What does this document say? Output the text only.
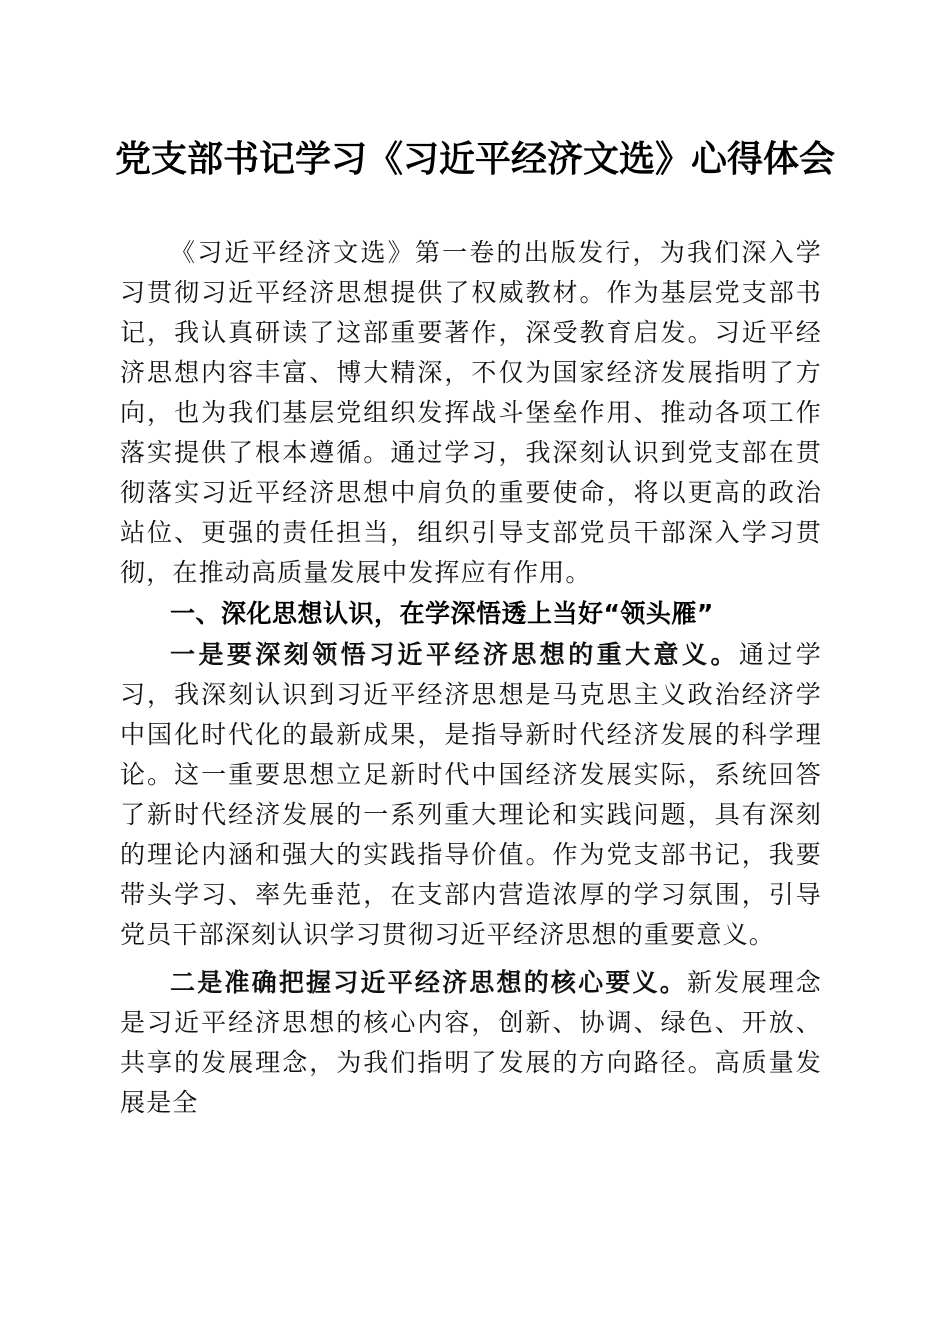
党支部书记学习《习近平经济文选》心得体会

《习近平经济文选》第一卷的出版发行，为我们深入学习贯彻习近平经济思想提供了权威教材。作为基层党支部书记，我认真研读了这部重要著作，深受教育启发。习近平经济思想内容丰富、博大精深，不仅为国家经济发展指明了方向，也为我们基层党组织发挥战斗堡垒作用、推动各项工作落实提供了根本遵循。通过学习，我深刻认识到党支部在贯彻落实习近平经济思想中肩负的重要使命，将以更高的政治站位、更强的责任担当，组织引导支部党员干部深入学习贯彻，在推动高质量发展中发挥应有作用。

一、深化思想认识，在学深悟透上当好“领头雁”

一是要深刻领悟习近平经济思想的重大意义。通过学习，我深刻认识到习近平经济思想是马克思主义政治经济学中国化时代化的最新成果，是指导新时代经济发展的科学理论。这一重要思想立足新时代中国经济发展实际，系统回答了新时代经济发展的一系列重大理论和实践问题，具有深刻的理论内涵和强大的实践指导价值。作为党支部书记，我要带头学习、率先垂范，在支部内营造浓厚的学习氛围，引导党员干部深刻认识学习贯彻习近平经济思想的重要意义。

二是准确把握习近平经济思想的核心要义。新发展理念是习近平经济思想的核心内容，创新、协调、绿色、开放、共享的发展理念，为我们指明了发展的方向路径。高质量发展是全
